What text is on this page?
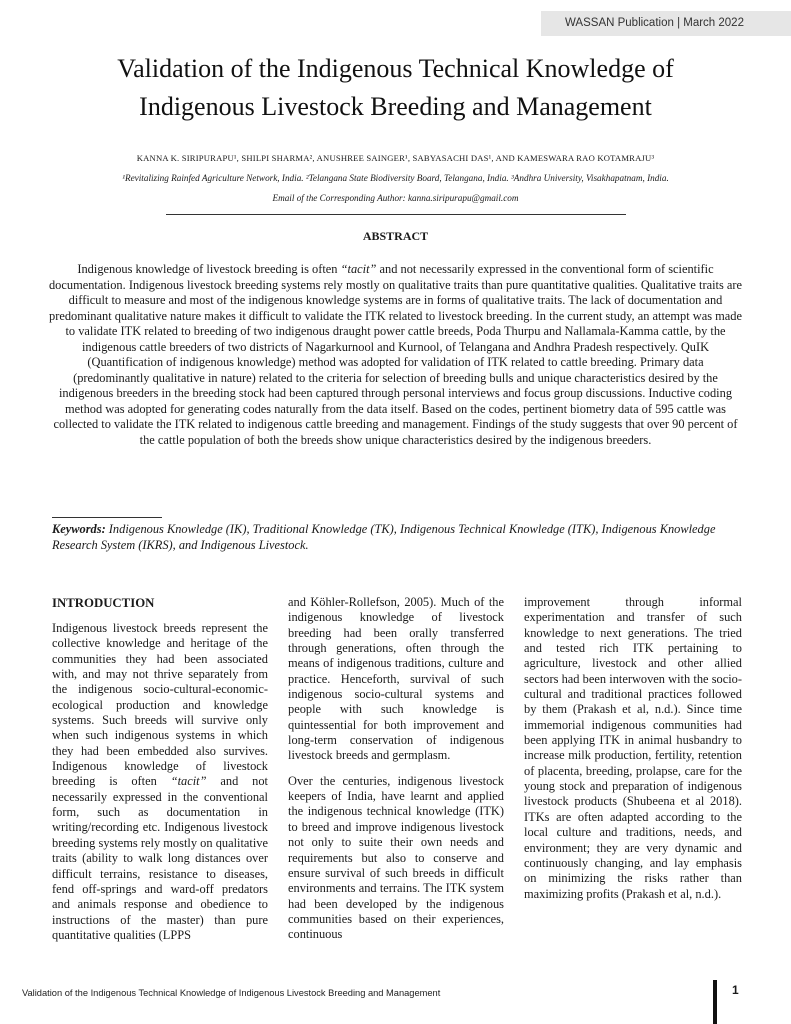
WASSAN Publication | March 2022
Validation of the Indigenous Technical Knowledge of
Indigenous Livestock Breeding and Management
KANNA K. SIRIPURAPU¹, SHILPI SHARMA², ANUSHREE SAINGER¹, SABYASACHI DAS¹, AND KAMESWARA RAO KOTAMRAJU³
¹Revitalizing Rainfed Agriculture Network, India. ²Telangana State Biodiversity Board, Telangana, India. ³Andhra University, Visakhapatnam, India.
Email of the Corresponding Author: kanna.siripurapu@gmail.com
ABSTRACT
Indigenous knowledge of livestock breeding is often “tacit” and not necessarily expressed in the conventional form of scientific documentation. Indigenous livestock breeding systems rely mostly on qualitative traits than pure quantitative qualities. Qualitative traits are difficult to measure and most of the indigenous knowledge systems are in forms of qualitative traits. The lack of documentation and predominant qualitative nature makes it difficult to validate the ITK related to livestock breeding. In the current study, an attempt was made to validate ITK related to breeding of two indigenous draught power cattle breeds, Poda Thurpu and Nallamala-Kamma cattle, by the indigenous cattle breeders of two districts of Nagarkurnool and Kurnool, of Telangana and Andhra Pradesh respectively. QuIK (Quantification of indigenous knowledge) method was adopted for validation of ITK related to cattle breeding. Primary data (predominantly qualitative in nature) related to the criteria for selection of breeding bulls and unique characteristics desired by the indigenous breeders in the breeding stock had been captured through personal interviews and focus group discussions. Inductive coding method was adopted for generating codes naturally from the data itself. Based on the codes, pertinent biometry data of 595 cattle was collected to validate the ITK related to indigenous cattle breeding and management. Findings of the study suggests that over 90 percent of the cattle population of both the breeds show unique characteristics desired by the indigenous breeders.
Keywords: Indigenous Knowledge (IK), Traditional Knowledge (TK), Indigenous Technical Knowledge (ITK), Indigenous Knowledge Research System (IKRS), and Indigenous Livestock.
INTRODUCTION

Indigenous livestock breeds represent the collective knowledge and heritage of the communities they had been associated with, and may not thrive separately from the indigenous socio-cultural-economic-ecological production and knowledge systems. Such breeds will survive only when such indigenous systems in which they had been embedded also survives. Indigenous knowledge of livestock breeding is often “tacit” and not necessarily expressed in the conventional form, such as documentation in writing/recording etc. Indigenous livestock breeding systems rely mostly on qualitative traits (ability to walk long distances over difficult terrains, resistance to diseases, fend off-springs and ward-off predators and animals response and obedience to instructions of the master) than pure quantitative qualities (LPPS

and Köhler-Rollefson, 2005). Much of the indigenous knowledge of livestock breeding had been orally transferred through generations, often through the means of indigenous traditions, culture and practice. Henceforth, survival of such indigenous socio-cultural systems and people with such knowledge is quintessential for both improvement and long-term conservation of indigenous livestock breeds and germplasm.

Over the centuries, indigenous livestock keepers of India, have learnt and applied the indigenous technical knowledge (ITK) to breed and improve indigenous livestock not only to suite their own needs and requirements but also to conserve and ensure survival of such breeds in difficult environments and terrains. The ITK system had been developed by the indigenous communities based on their experiences, continuous

improvement through informal experimentation and transfer of such knowledge to next generations. The tried and tested rich ITK pertaining to agriculture, livestock and other allied sectors had been interwoven with the socio-cultural and traditional practices followed by them (Prakash et al, n.d.). Since time immemorial indigenous communities had been applying ITK in animal husbandry to increase milk production, fertility, retention of placenta, breeding, prolapse, care for the young stock and preparation of indigenous livestock products (Shubeena et al 2018). ITKs are often adapted according to the local culture and traditions, needs, and environment; they are very dynamic and continuously changing, and lay emphasis on minimizing the risks rather than maximizing profits (Prakash et al, n.d.).

Validation of the Indigenous Technical Knowledge of Indigenous Livestock Breeding and Management	1
